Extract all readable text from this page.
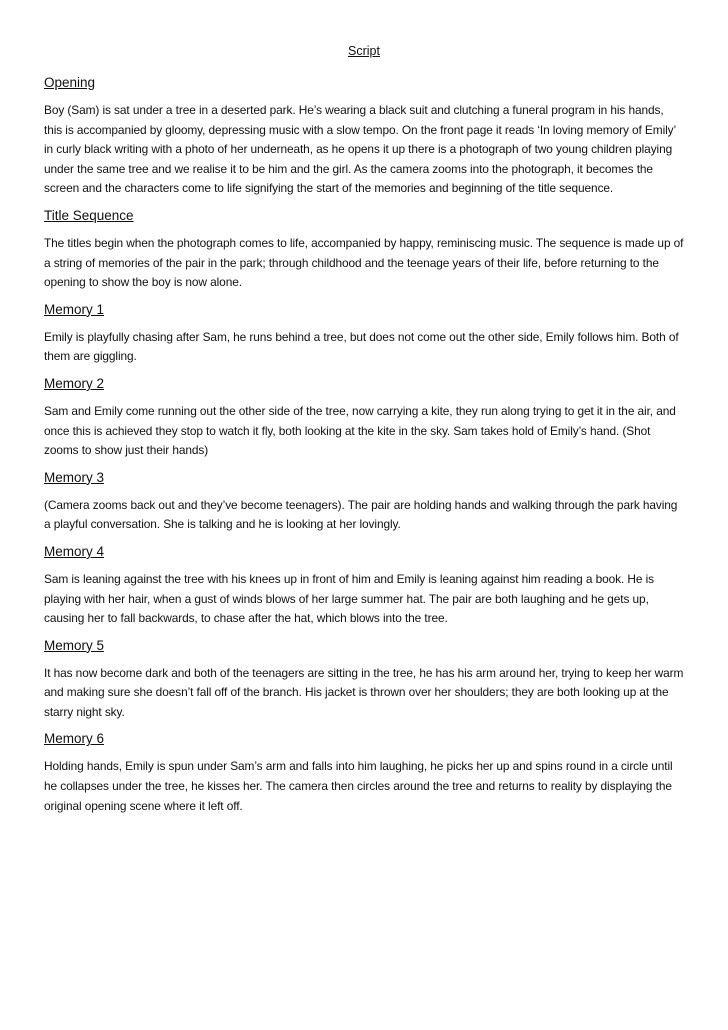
Script
Opening

Boy (Sam) is sat under a tree in a deserted park. He’s wearing a black suit and clutching a funeral program in his hands, this is accompanied by gloomy, depressing music with a slow tempo. On the front page it reads ‘In loving memory of Emily’ in curly black writing with a photo of her underneath, as he opens it up there is a photograph of two young children playing under the same tree and we realise it to be him and the girl. As the camera zooms into the photograph, it becomes the screen and the characters come to life signifying the start of the memories and beginning of the title sequence.

Title Sequence

The titles begin when the photograph comes to life, accompanied by happy, reminiscing music. The sequence is made up of a string of memories of the pair in the park; through childhood and the teenage years of their life, before returning to the opening to show the boy is now alone.

Memory 1

Emily is playfully chasing after Sam, he runs behind a tree, but does not come out the other side, Emily follows him. Both of them are giggling.

Memory 2

Sam and Emily come running out the other side of the tree, now carrying a kite, they run along trying to get it in the air, and once this is achieved they stop to watch it fly, both looking at the kite in the sky. Sam takes hold of Emily’s hand. (Shot zooms to show just their hands)

Memory 3

(Camera zooms back out and they’ve become teenagers). The pair are holding hands and walking through the park having a playful conversation. She is talking and he is looking at her lovingly.

Memory 4

Sam is leaning against the tree with his knees up in front of him and Emily is leaning against him reading a book. He is playing with her hair, when a gust of winds blows of her large summer hat. The pair are both laughing and he gets up, causing her to fall backwards, to chase after the hat, which blows into the tree.

Memory 5

It has now become dark and both of the teenagers are sitting in the tree, he has his arm around her, trying to keep her warm and making sure she doesn’t fall off of the branch. His jacket is thrown over her shoulders; they are both looking up at the starry night sky.

Memory 6

Holding hands, Emily is spun under Sam’s arm and falls into him laughing, he picks her up and spins round in a circle until he collapses under the tree, he kisses her. The camera then circles around the tree and returns to reality by displaying the original opening scene where it left off.
